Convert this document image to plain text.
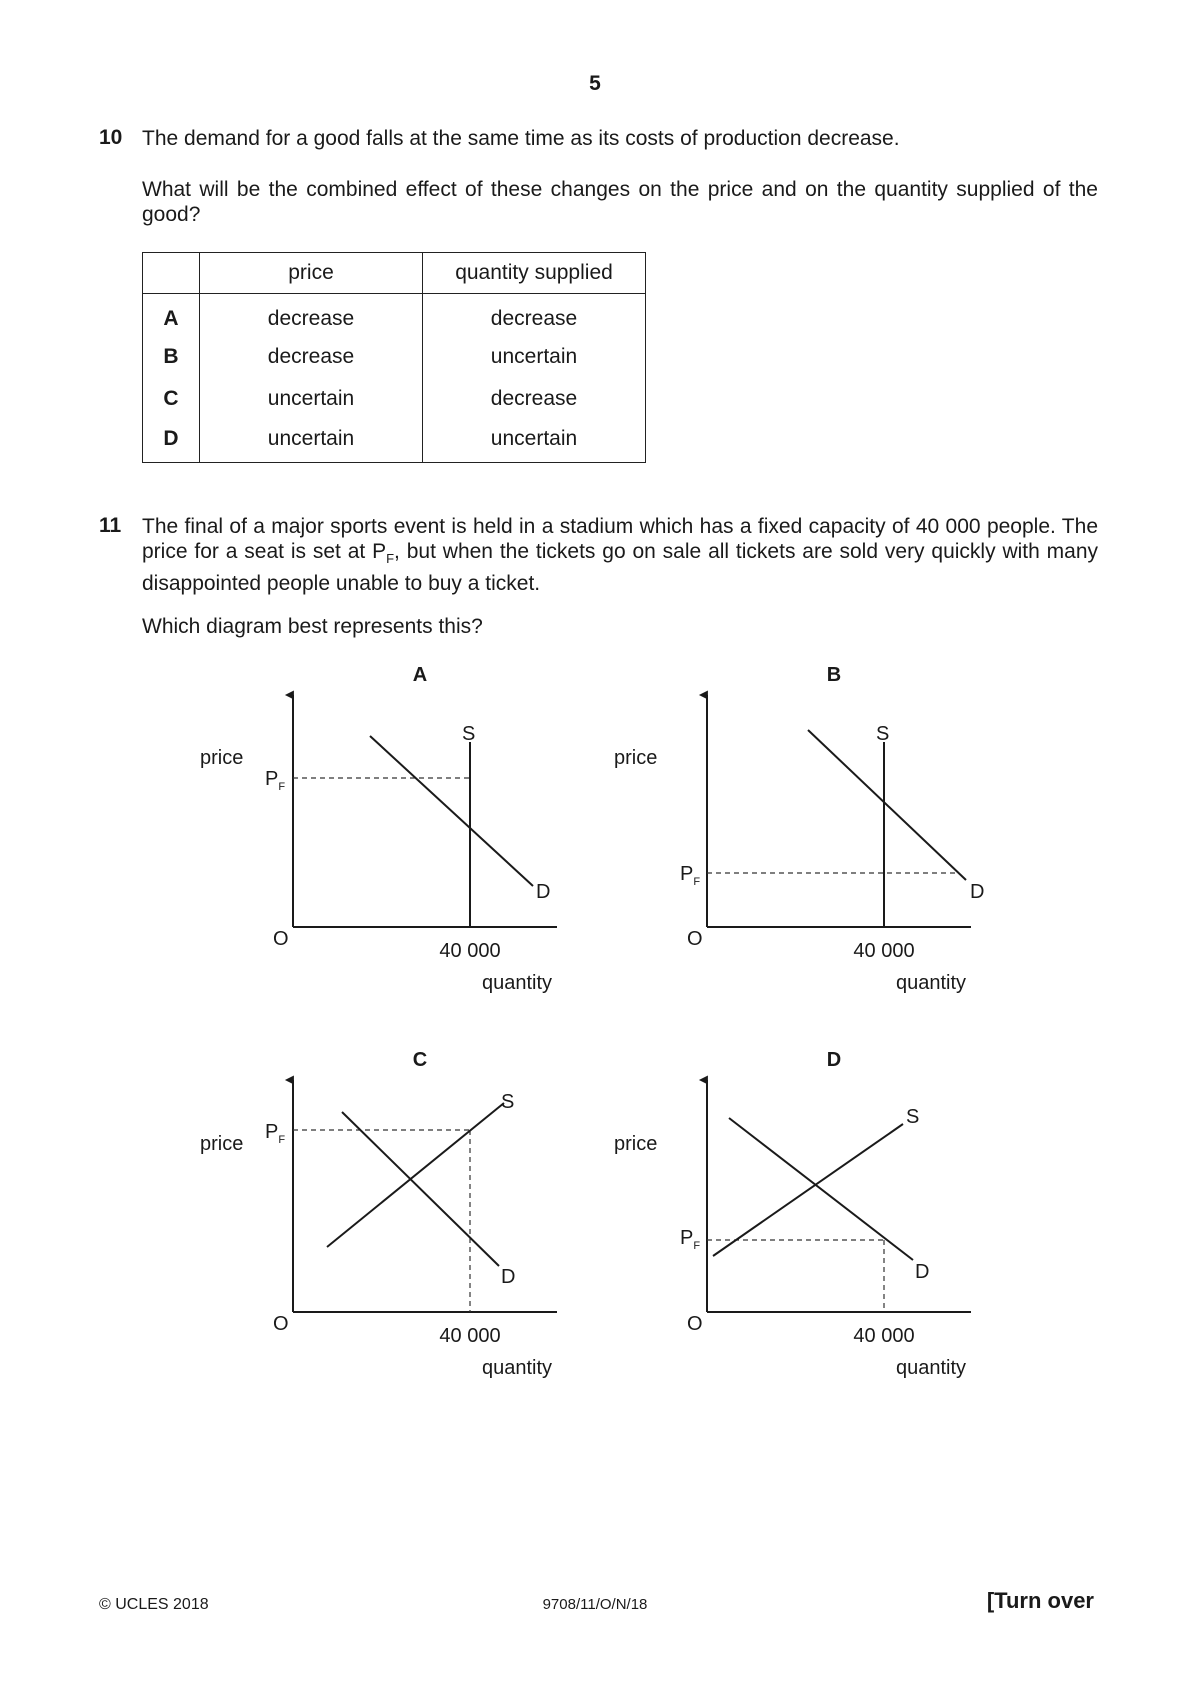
5
10 The demand for a good falls at the same time as its costs of production decrease.
What will be the combined effect of these changes on the price and on the quantity supplied of the good?
	price	quantity supplied
A	decrease	decrease
B	decrease	uncertain
C	uncertain	decrease
D	uncertain	uncertain
11 The final of a major sports event is held in a stadium which has a fixed capacity of 40 000 people. The price for a seat is set at $P_F$, but when the tickets go on sale all tickets are sold very quickly with many disappointed people unable to buy a ticket.
Which diagram best represents this?
A
price
$P_F$
S
D
O
40 000
quantity
B
price
$P_F$
S
D
O
40 000
quantity
C
price
$P_F$
S
D
O
40 000
quantity
D
price
$P_F$
S
D
O
40 000
quantity
© UCLES 2018	9708/11/O/N/18	[Turn over
